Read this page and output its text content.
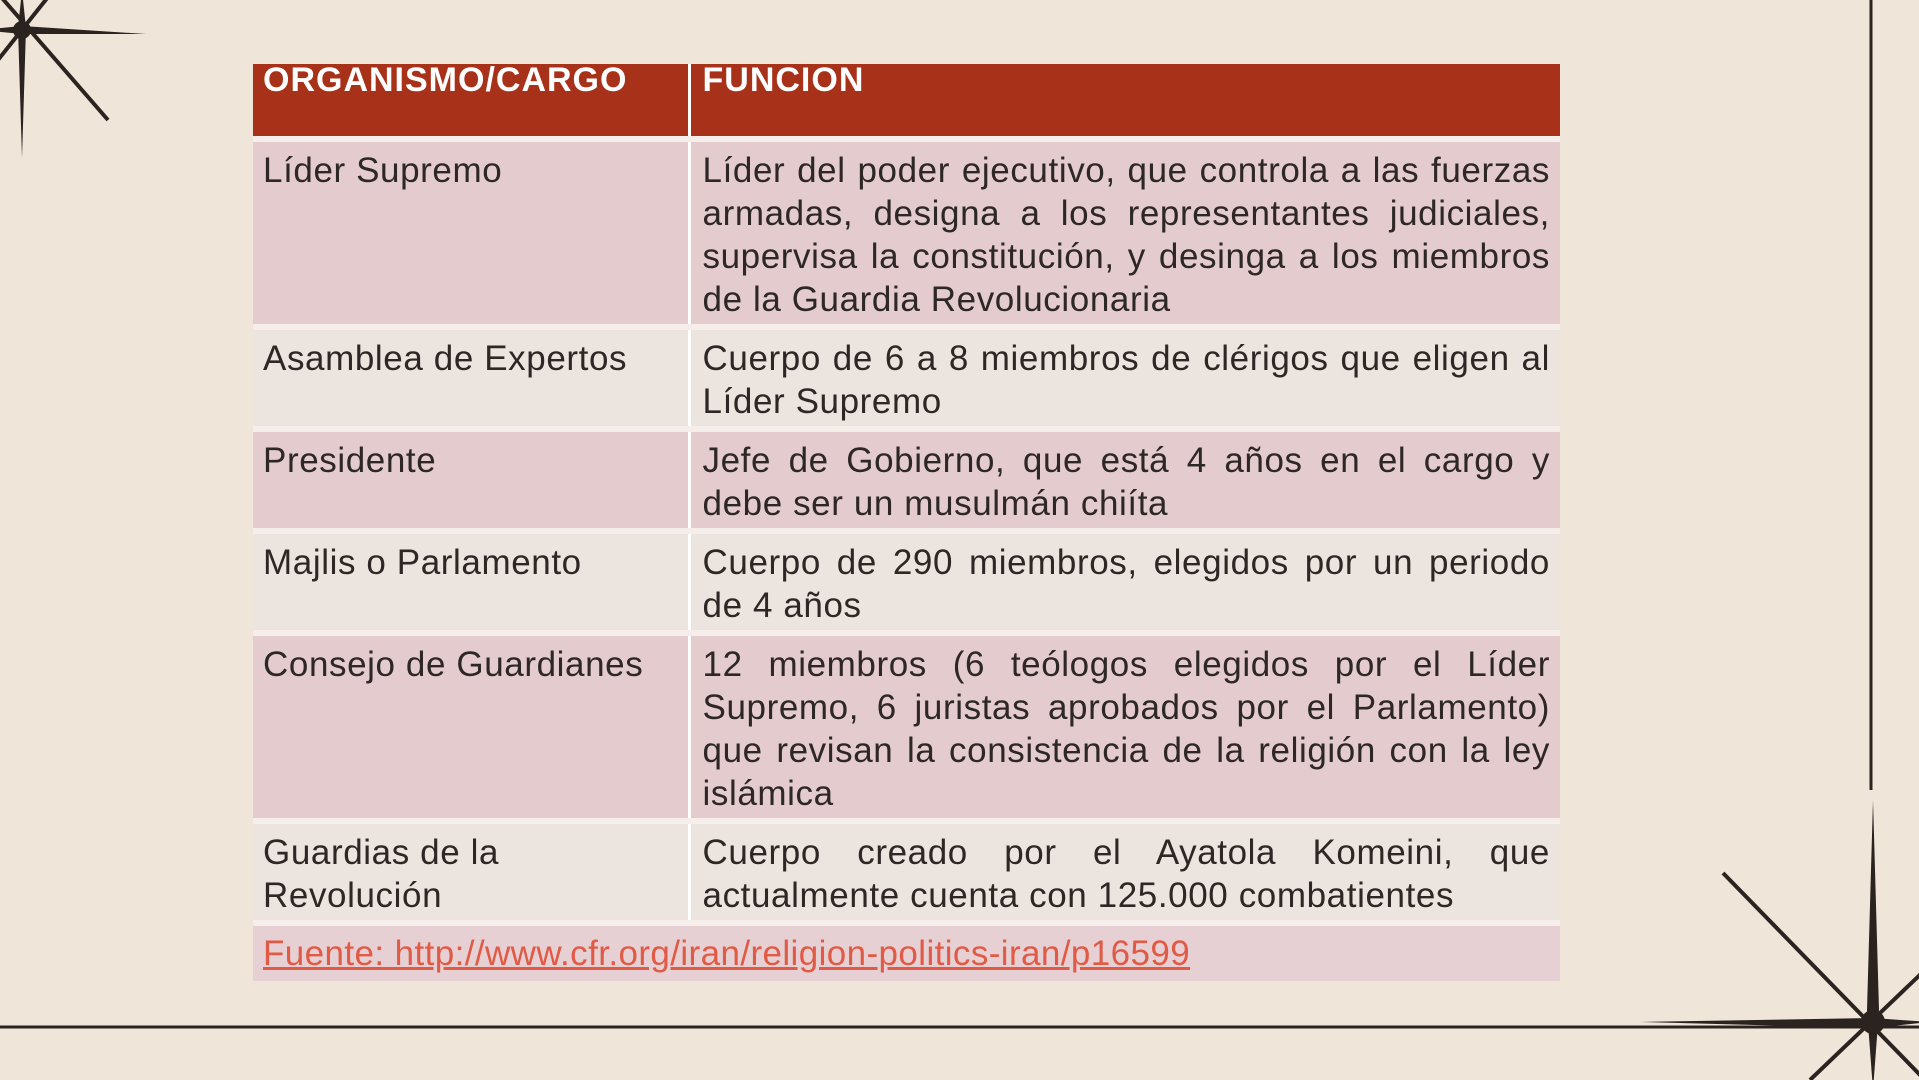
ORGANISMO/CARGO	FUNCION
Líder Supremo	Líder del poder ejecutivo, que controla a las fuerzas armadas, designa a los representantes judiciales, supervisa la constitución, y desinga a los miembros de la Guardia Revolucionaria
Asamblea de Expertos	Cuerpo de 6 a 8 miembros de clérigos que eligen al Líder Supremo
Presidente	Jefe de Gobierno, que está 4 años en el cargo y debe ser un musulmán chiíta
Majlis o Parlamento	Cuerpo de 290 miembros, elegidos por un periodo de 4 años
Consejo de Guardianes	12 miembros (6 teólogos elegidos por el Líder Supremo, 6 juristas aprobados por el Parlamento) que revisan la consistencia de la religión con la ley islámica
Guardias de la Revolución	Cuerpo creado por el Ayatola Komeini, que actualmente cuenta con 125.000 combatientes
Fuente: http://www.cfr.org/iran/religion-politics-iran/p16599	
